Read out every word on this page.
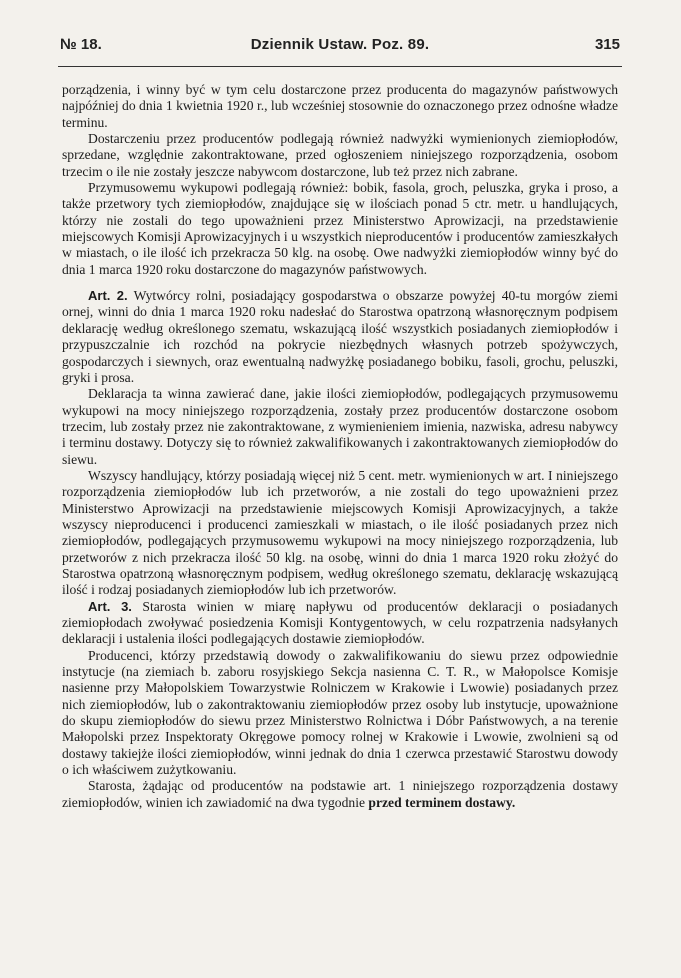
№ 18.	Dziennik Ustaw. Poz. 89.	315

porządzenia, i winny być w tym celu dostarczone przez producenta do magazynów państwowych najpóźniej do dnia 1 kwietnia 1920 r., lub wcześniej stosownie do oznaczonego przez odnośne władze terminu.

Dostarczeniu przez producentów podlegają również nadwyżki wymienionych ziemiopłodów, sprzedane, względnie zakontraktowane, przed ogłoszeniem niniejszego rozporządzenia, osobom trzecim o ile nie zostały jeszcze nabywcom dostarczone, lub też przez nich zabrane.

Przymusowemu wykupowi podlegają również: bobik, fasola, groch, peluszka, gryka i proso, a także przetwory tych ziemiopłodów, znajdujące się w ilościach ponad 5 ctr. metr. u handlujących, którzy nie zostali do tego upoważnieni przez Ministerstwo Aprowizacji, na przedstawienie miejscowych Komisji Aprowizacyjnych i u wszystkich nieproducentów i producentów zamieszkałych w miastach, o ile ilość ich przekracza 50 klg. na osobę. Owe nadwyżki ziemiopłodów winny być do dnia 1 marca 1920 roku dostarczone do magazynów państwowych.

Art. 2. Wytwórcy rolni, posiadający gospodarstwa o obszarze powyżej 40-tu morgów ziemi ornej, winni do dnia 1 marca 1920 roku nadesłać do Starostwa opatrzoną własnoręcznym podpisem deklarację według określonego szematu, wskazującą ilość wszystkich posiadanych ziemiopłodów i przypuszczalnie ich rozchód na pokrycie niezbędnych własnych potrzeb spożywczych, gospodarczych i siewnych, oraz ewentualną nadwyżkę posiadanego bobiku, fasoli, grochu, peluszki, gryki i prosa.

Deklaracja ta winna zawierać dane, jakie ilości ziemiopłodów, podlegających przymusowemu wykupowi na mocy niniejszego rozporządzenia, zostały przez producentów dostarczone osobom trzecim, lub zostały przez nie zakontraktowane, z wymienieniem imienia, nazwiska, adresu nabywcy i terminu dostawy. Dotyczy się to również zakwalifikowanych i zakontraktowanych ziemiopłodów do siewu.

Wszyscy handlujący, którzy posiadają więcej niż 5 cent. metr. wymienionych w art. I niniejszego rozporządzenia ziemiopłodów lub ich przetworów, a nie zostali do tego upoważnieni przez Ministerstwo Aprowizacji na przedstawienie miejscowych Komisji Aprowizacyjnych, a także wszyscy nieproducenci i producenci zamieszkali w miastach, o ile ilość posiadanych przez nich ziemiopłodów, podlegających przymusowemu wykupowi na mocy niniejszego rozporządzenia, lub przetworów z nich przekracza ilość 50 klg. na osobę, winni do dnia 1 marca 1920 roku złożyć do Starostwa opatrzoną własnoręcznym podpisem, według określonego szematu, deklarację wskazującą ilość i rodzaj posiadanych ziemiopłodów lub ich przetworów.

Art. 3. Starosta winien w miarę napływu od producentów deklaracji o posiadanych ziemiopłodach zwoływać posiedzenia Komisji Kontygentowych, w celu rozpatrzenia nadsyłanych deklaracji i ustalenia ilości podlegających dostawie ziemiopłodów.

Producenci, którzy przedstawią dowody o zakwalifikowaniu do siewu przez odpowiednie instytucje (na ziemiach b. zaboru rosyjskiego Sekcja nasienna C. T. R., w Małopolsce Komisje nasienne przy Małopolskiem Towarzystwie Rolniczem w Krakowie i Lwowie) posiadanych przez nich ziemiopłodów, lub o zakontraktowaniu ziemiopłodów przez osoby lub instytucje, upoważnione do skupu ziemiopłodów do siewu przez Ministerstwo Rolnictwa i Dóbr Państwowych, a na terenie Małopolski przez Inspektoraty Okręgowe pomocy rolnej w Krakowie i Lwowie, zwolnieni są od dostawy takiejże ilości ziemiopłodów, winni jednak do dnia 1 czerwca przestawić Starostwu dowody o ich właściwem zużytkowaniu.

Starosta, żądając od producentów na podstawie art. 1 niniejszego rozporządzenia dostawy ziemiopłodów, winien ich zawiadomić na dwa tygodnie przed terminem dostawy.
